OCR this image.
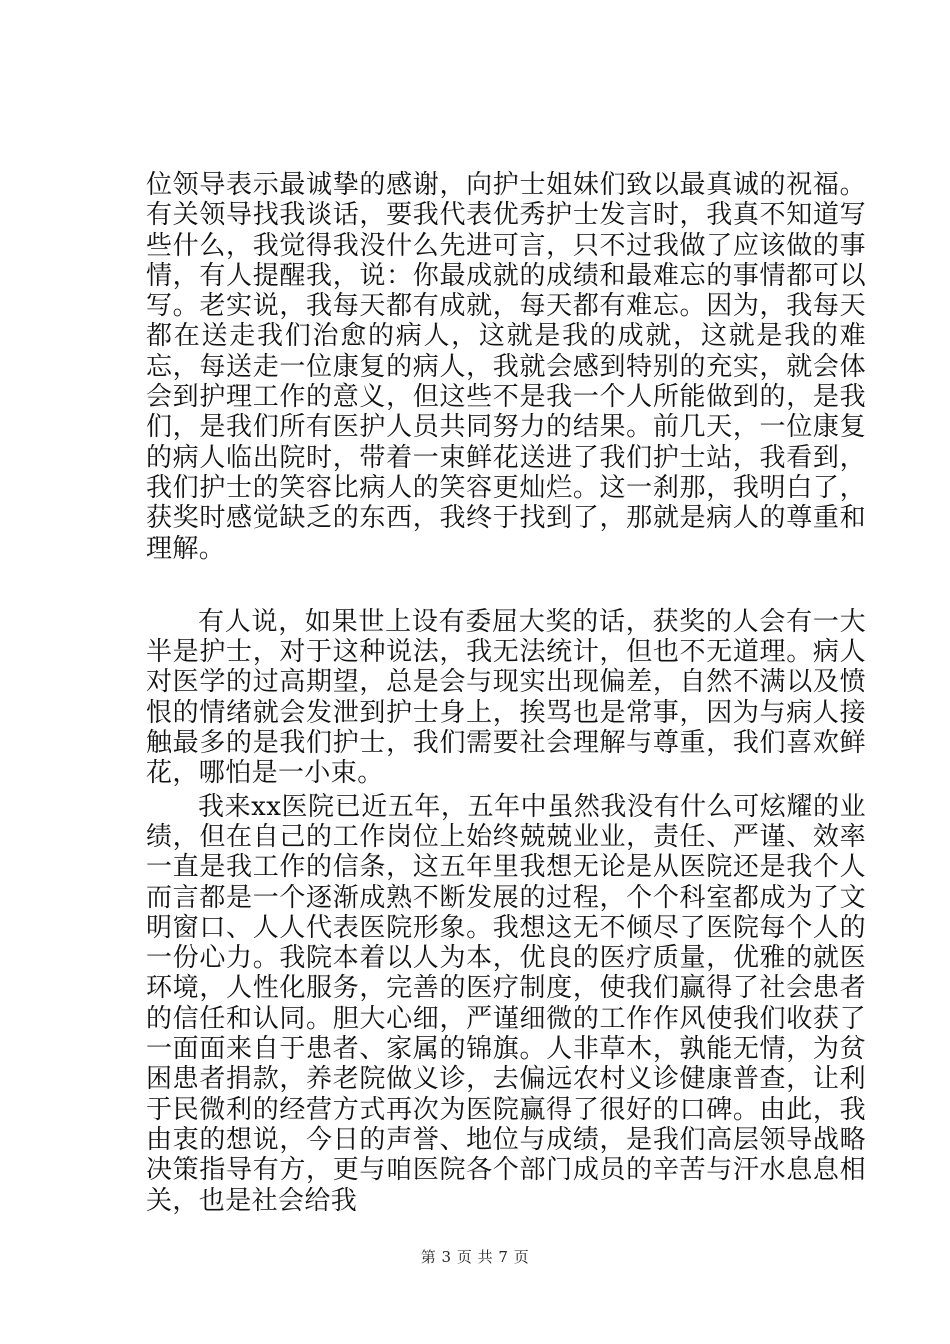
位领导表示最诚挚的感谢，向护士姐妹们致以最真诚的祝福。有关领导找我谈话，要我代表优秀护士发言时，我真不知道写些什么，我觉得我没什么先进可言，只不过我做了应该做的事情，有人提醒我，说：你最成就的成绩和最难忘的事情都可以写。老实说，我每天都有成就，每天都有难忘。因为，我每天都在送走我们治愈的病人，这就是我的成就，这就是我的难忘，每送走一位康复的病人，我就会感到特别的充实，就会体会到护理工作的意义，但这些不是我一个人所能做到的，是我们，是我们所有医护人员共同努力的结果。前几天，一位康复的病人临出院时，带着一束鲜花送进了我们护士站，我看到，我们护士的笑容比病人的笑容更灿烂。这一刹那，我明白了，获奖时感觉缺乏的东西，我终于找到了，那就是病人的尊重和理解。

有人说，如果世上设有委屈大奖的话，获奖的人会有一大半是护士，对于这种说法，我无法统计，但也不无道理。病人对医学的过高期望，总是会与现实出现偏差，自然不满以及愤恨的情绪就会发泄到护士身上，挨骂也是常事，因为与病人接触最多的是我们护士，我们需要社会理解与尊重，我们喜欢鲜花，哪怕是一小束。

我来xx医院已近五年，五年中虽然我没有什么可炫耀的业绩，但在自己的工作岗位上始终兢兢业业，责任、严谨、效率一直是我工作的信条，这五年里我想无论是从医院还是我个人而言都是一个逐渐成熟不断发展的过程，个个科室都成为了文明窗口、人人代表医院形象。我想这无不倾尽了医院每个人的一份心力。我院本着以人为本，优良的医疗质量，优雅的就医环境，人性化服务，完善的医疗制度，使我们赢得了社会患者的信任和认同。胆大心细，严谨细微的工作作风使我们收获了一面面来自于患者、家属的锦旗。人非草木，孰能无情，为贫困患者捐款，养老院做义诊，去偏远农村义诊健康普查，让利于民微利的经营方式再次为医院赢得了很好的口碑。由此，我由衷的想说，今日的声誉、地位与成绩，是我们高层领导战略决策指导有方，更与咱医院各个部门成员的辛苦与汗水息息相关，也是社会给我

第 3 页 共 7 页
